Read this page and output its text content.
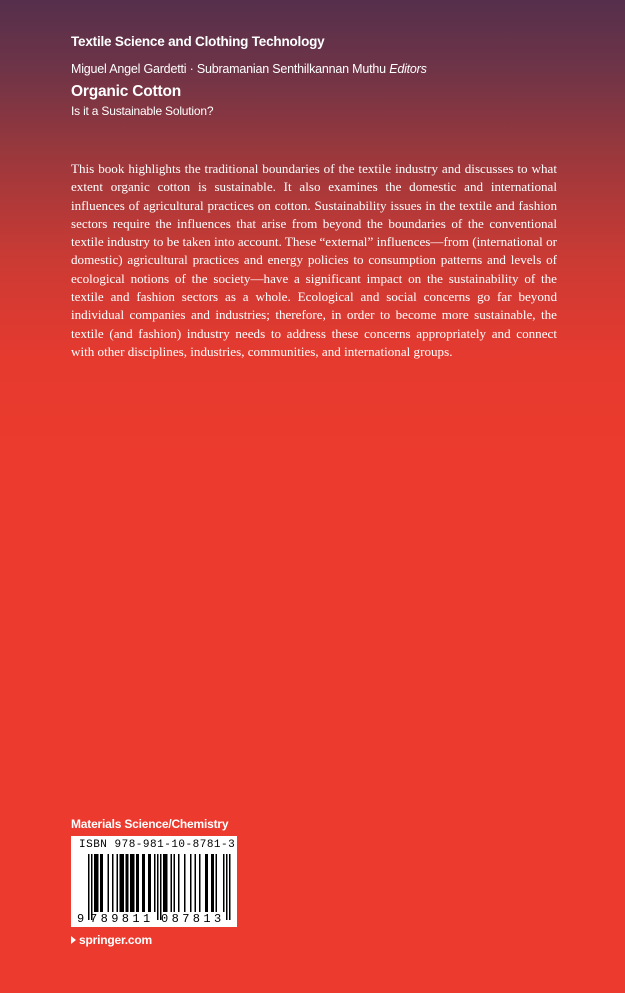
Textile Science and Clothing Technology
Miguel Angel Gardetti · Subramanian Senthilkannan Muthu Editors
Organic Cotton
Is it a Sustainable Solution?

This book highlights the traditional boundaries of the textile industry and discusses to what extent organic cotton is sustainable. It also examines the domestic and international influences of agricultural practices on cotton. Sustainability issues in the textile and fashion sectors require the influences that arise from beyond the boundaries of the conventional textile industry to be taken into account. These “external” influences—from (international or domestic) agricultural practices and energy policies to consumption patterns and levels of ecological notions of the society—have a significant impact on the sustainability of the textile and fashion sectors as a whole. Ecological and social concerns go far beyond individual companies and industries; therefore, in order to become more sustainable, the textile (and fashion) industry needs to address these concerns appropriately and connect with other disciplines, industries, communities, and international groups.

Materials Science/Chemistry
ISBN 978-981-10-8781-3
9 789811 087813
springer.com
